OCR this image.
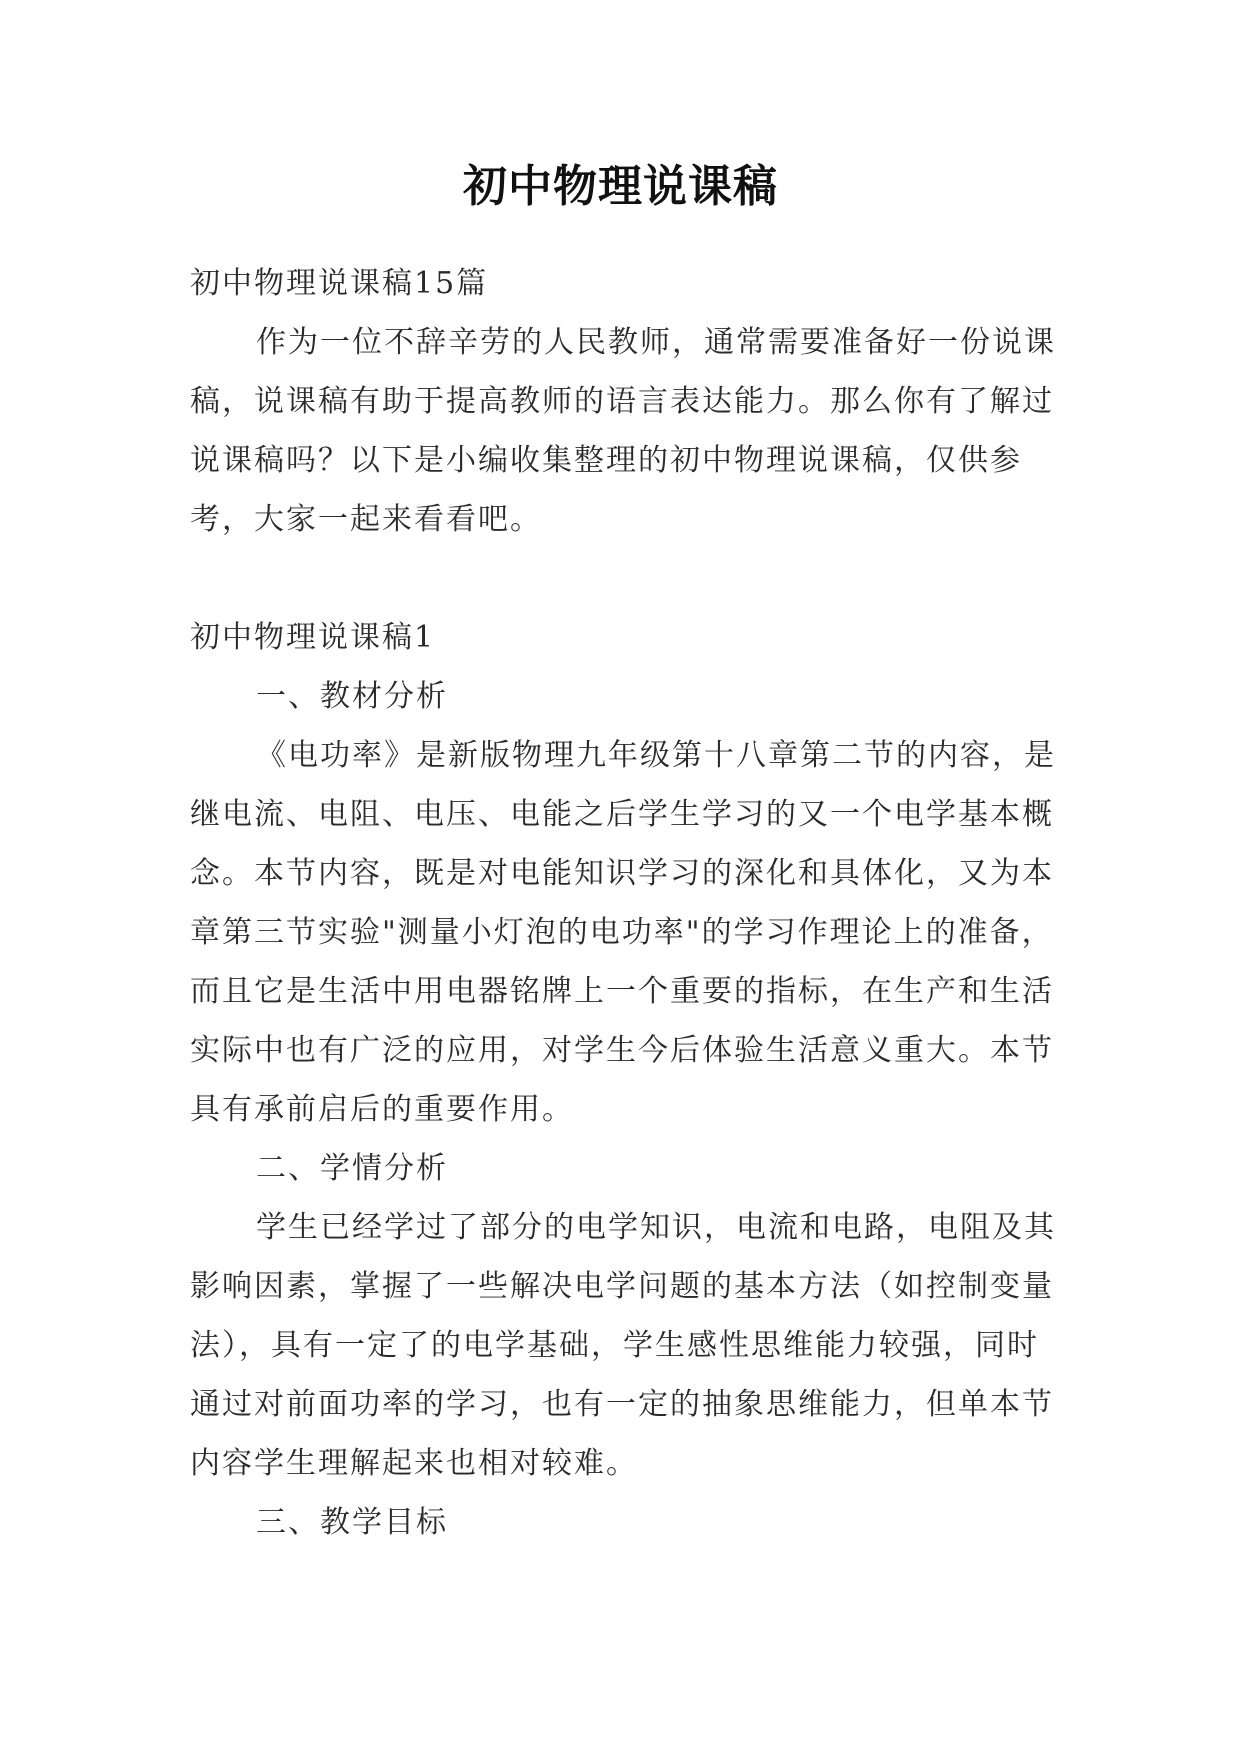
初中物理说课稿

初中物理说课稿15篇

作为一位不辞辛劳的人民教师，通常需要准备好一份说课稿，说课稿有助于提高教师的语言表达能力。那么你有了解过说课稿吗？以下是小编收集整理的初中物理说课稿，仅供参考，大家一起来看看吧。

初中物理说课稿1

一、教材分析

《电功率》是新版物理九年级第十八章第二节的内容，是继电流、电阻、电压、电能之后学生学习的又一个电学基本概念。本节内容，既是对电能知识学习的深化和具体化，又为本章第三节实验"测量小灯泡的电功率"的学习作理论上的准备，而且它是生活中用电器铭牌上一个重要的指标，在生产和生活实际中也有广泛的应用，对学生今后体验生活意义重大。本节具有承前启后的重要作用。

二、学情分析

学生已经学过了部分的电学知识，电流和电路，电阻及其影响因素，掌握了一些解决电学问题的基本方法（如控制变量法），具有一定了的电学基础，学生感性思维能力较强，同时通过对前面功率的学习，也有一定的抽象思维能力，但单本节内容学生理解起来也相对较难。

三、教学目标
